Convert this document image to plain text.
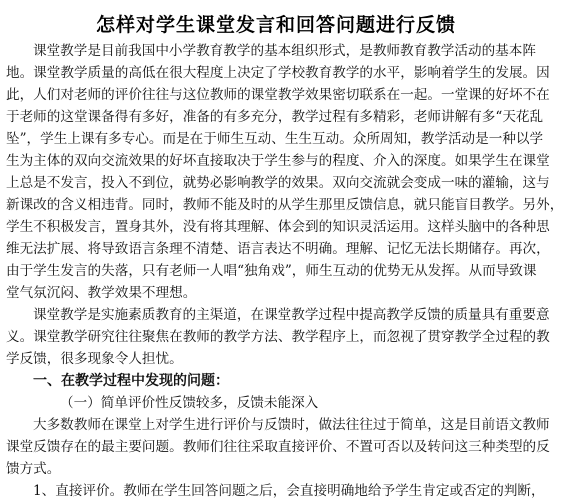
怎样对学生课堂发言和回答问题进行反馈
课堂教学是目前我国中小学教育教学的基本组织形式，是教师教育教学活动的基本阵
地。课堂教学质量的高低在很大程度上决定了学校教育教学的水平，影响着学生的发展。因
此，人们对老师的评价往往与这位教师的课堂教学效果密切联系在一起。一堂课的好坏不在
于老师的这堂课备得有多好，准备的有多充分，教学过程有多精彩，老师讲解有多“天花乱
坠”，学生上课有多专心。而是在于师生互动、生生互动。众所周知，教学活动是一种以学
生为主体的双向交流效果的好坏直接取决于学生参与的程度、介入的深度。如果学生在课堂
上总是不发言，投入不到位，就势必影响教学的效果。双向交流就会变成一味的灌输，这与
新课改的含义相违背。同时，教师不能及时的从学生那里反馈信息，就只能盲目教学。另外，
学生不积极发言，置身其外，没有将其理解、体会到的知识灵活运用。这样头脑中的各种思
维无法扩展、将导致语言条理不清楚、语言表达不明确。理解、记忆无法长期储存。再次，
由于学生发言的失落，只有老师一人唱“独角戏”，师生互动的优势无从发挥。从而导致课
堂气氛沉闷、教学效果不理想。
课堂教学是实施素质教育的主渠道，在课堂教学过程中提高教学反馈的质量具有重要意
义。课堂教学研究往往聚焦在教师的教学方法、教学程序上，而忽视了贯穿教学全过程的教
学反馈，很多现象令人担忧。
一、在教学过程中发现的问题：
（一）简单评价性反馈较多，反馈未能深入
大多数教师在课堂上对学生进行评价与反馈时，做法往往过于简单，这是目前语文教师
课堂反馈存在的最主要问题。教师们往往采取直接评价、不置可否以及转问这三种类型的反
馈方式。
1、直接评价。教师在学生回答问题之后，会直接明确地给予学生肯定或否定的判断，
